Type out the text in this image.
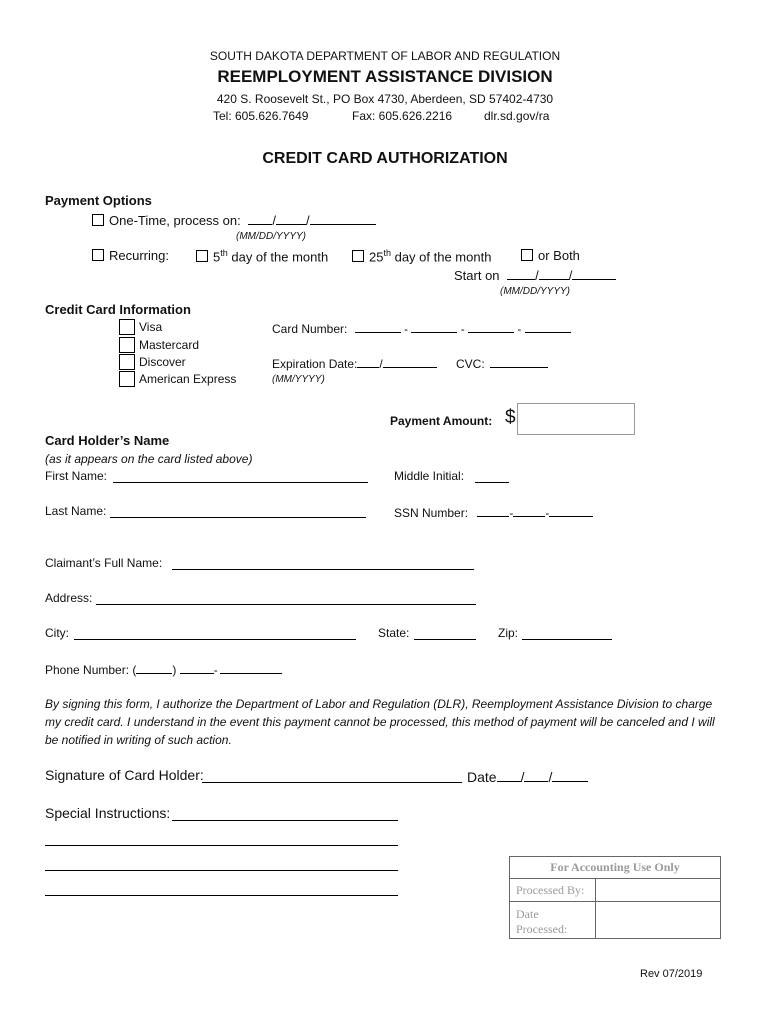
SOUTH DAKOTA DEPARTMENT OF LABOR AND REGULATION
REEMPLOYMENT ASSISTANCE DIVISION
420 S. Roosevelt St., PO Box 4730, Aberdeen, SD 57402-4730
Tel: 605.626.7649	Fax: 605.626.2216	dlr.sd.gov/ra
CREDIT CARD AUTHORIZATION
Payment Options
One-Time, process on: / /
(MM/DD/YYYY)
Recurring:	5th day of the month	25th day of the month	or Both
Start on	/ /
(MM/DD/YYYY)
Credit Card Information
Visa
Mastercard
Discover
American Express
Card Number:	-	-	-
Expiration Date: /	CVC:
(MM/YYYY)
Payment Amount: $
Card Holder’s Name
(as it appears on the card listed above)
First Name:	Middle Initial:
Last Name:	SSN Number:	-	-
Claimant’s Full Name:
Address:
City:	State:	Zip:
Phone Number: (	)	-
By signing this form, I authorize the Department of Labor and Regulation (DLR), Reemployment Assistance Division to charge my credit card. I understand in the event this payment cannot be processed, this method of payment will be canceled and I will be notified in writing of such action.
Signature of Card Holder:	Date / /
Special Instructions:
For Accounting Use Only
Processed By:
Date Processed:
Rev 07/2019
